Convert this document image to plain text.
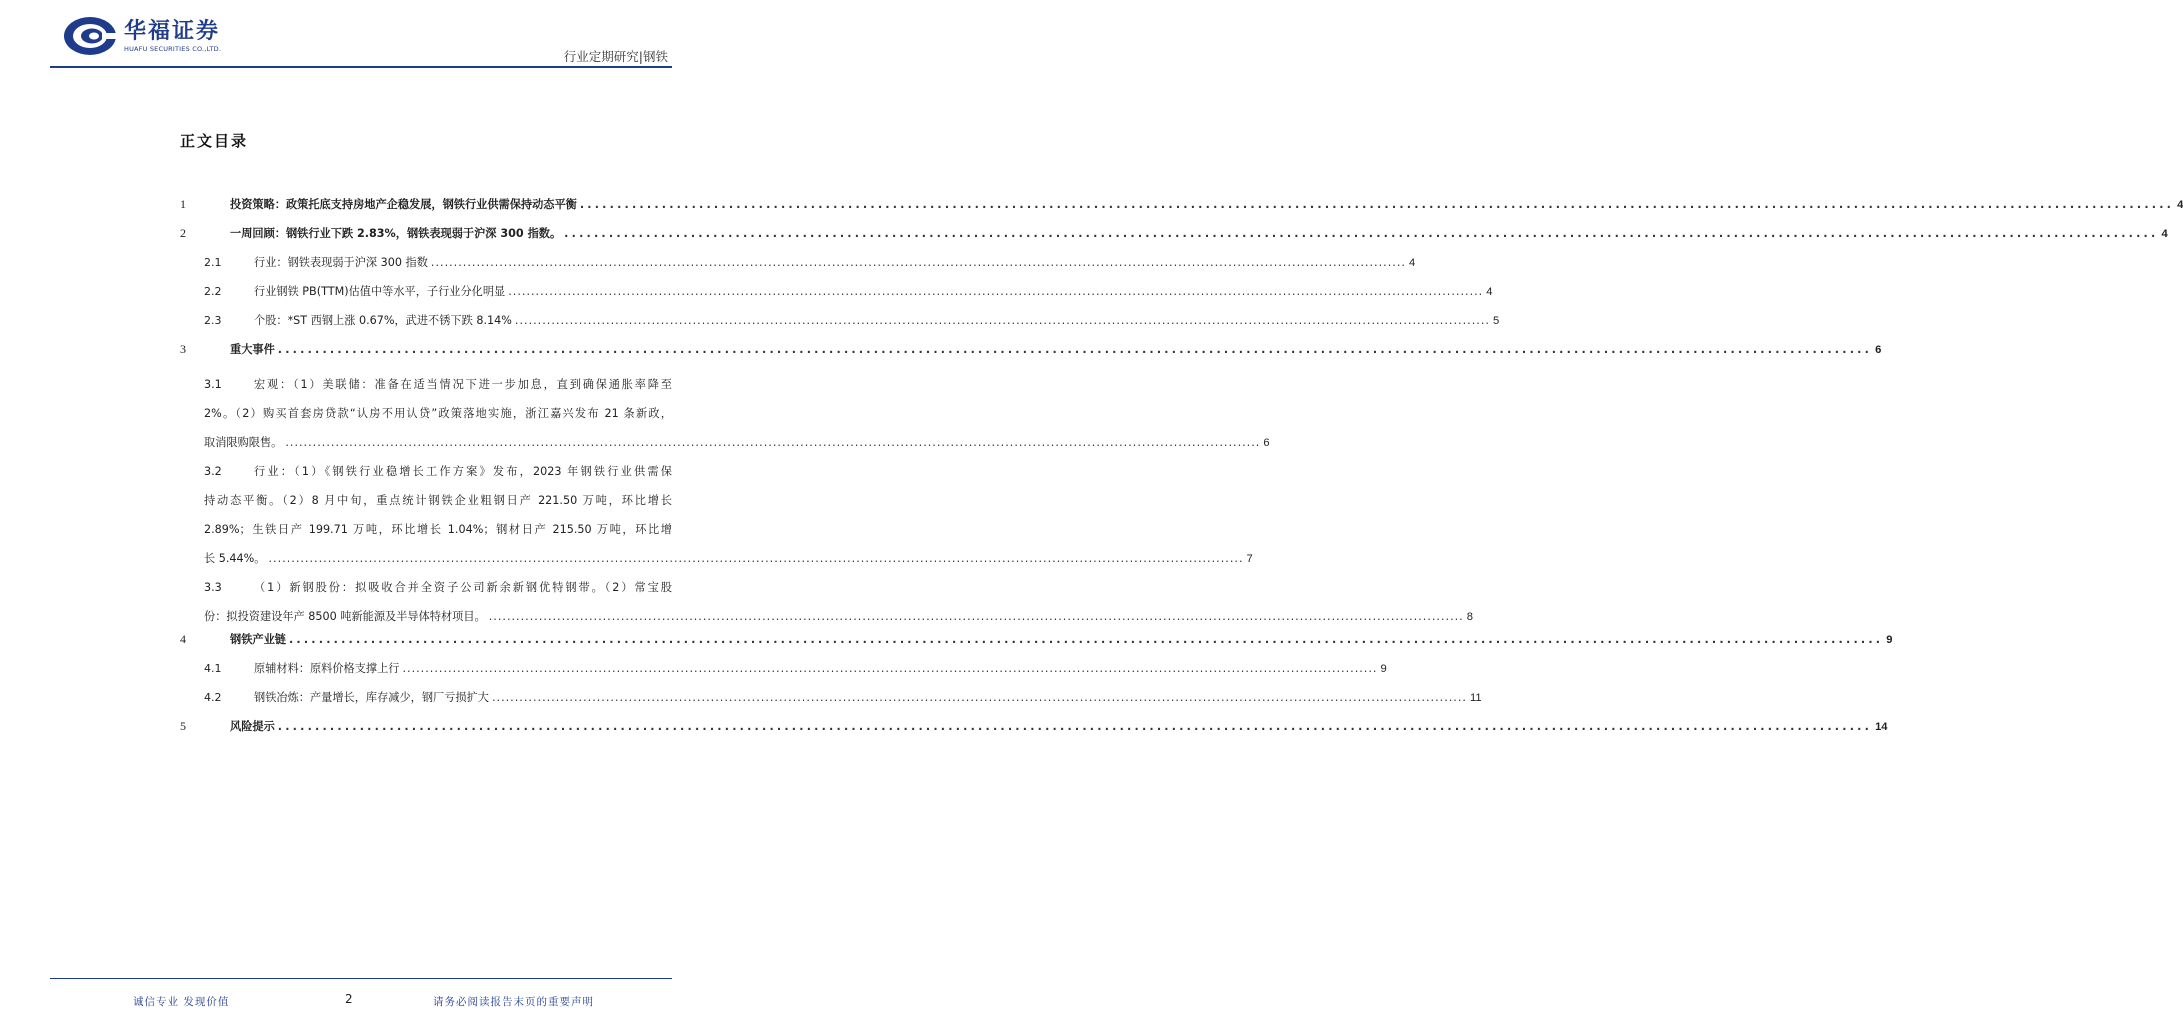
华福证券
HUAFU SECURITIES CO.,LTD.
行业定期研究|钢铁
正文目录
1	投资策略：政策托底支持房地产企稳发展，钢铁行业供需保持动态平衡 .....	4
2	一周回顾：钢铁行业下跌 2.83%，钢铁表现弱于沪深 300 指数。 .....	4
2.1	行业：钢铁表现弱于沪深 300 指数 .....	4
2.2	行业钢铁 PB(TTM)估值中等水平，子行业分化明显 .....	4
2.3	个股：*ST 西钢上涨 0.67%，武进不锈下跌 8.14% .....	5
3	重大事件 .....	6
3.1	宏观：（1）美联储：准备在适当情况下进一步加息，直到确保通胀率降至
2%。（2）购买首套房贷款“认房不用认贷”政策落地实施，浙江嘉兴发布 21 条新政，
取消限购限售。 .....	6
3.2	行业：（1）《钢铁行业稳增长工作方案》发布，2023 年钢铁行业供需保
持动态平衡。（2）8 月中旬，重点统计钢铁企业粗钢日产 221.50 万吨，环比增长
2.89%；生铁日产 199.71 万吨，环比增长 1.04%；钢材日产 215.50 万吨，环比增
长 5.44%。 .....	7
3.3	（1）新钢股份：拟吸收合并全资子公司新余新钢优特钢带。（2）常宝股
份：拟投资建设年产 8500 吨新能源及半导体特材项目。 .....	8
4	钢铁产业链 .....	9
4.1	原辅材料：原料价格支撑上行 .....	9
4.2	钢铁冶炼：产量增长，库存减少，钢厂亏损扩大 .....	11
5	风险提示 .....	14
诚信专业 发现价值	2	请务必阅读报告末页的重要声明
